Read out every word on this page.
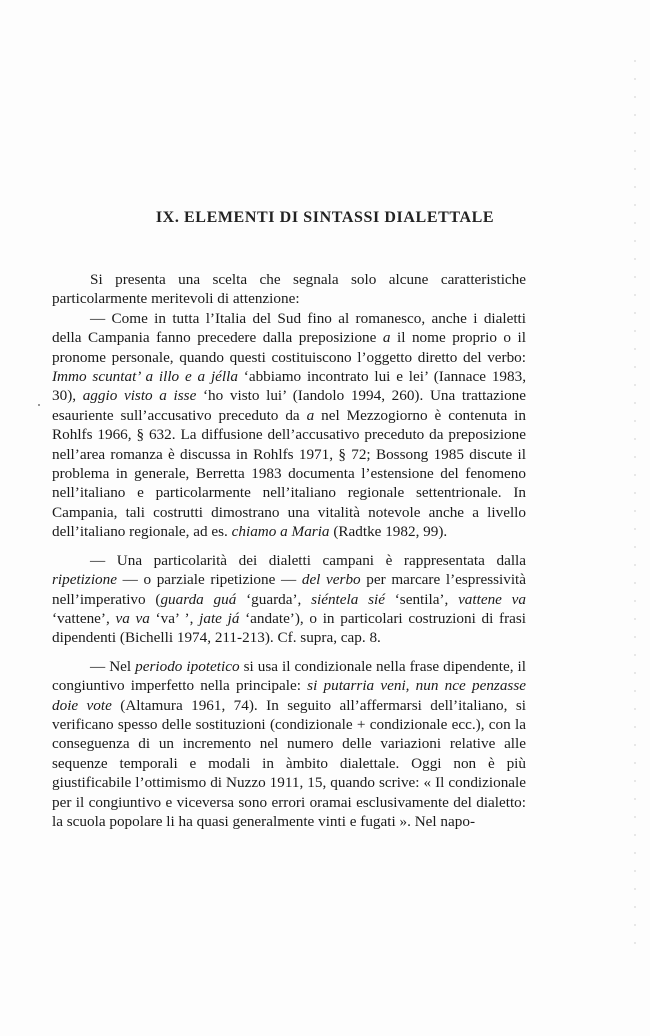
IX. ELEMENTI DI SINTASSI DIALETTALE

Si presenta una scelta che segnala solo alcune caratteristiche particolarmente meritevoli di attenzione:

— Come in tutta l’Italia del Sud fino al romanesco, anche i dialetti della Campania fanno precedere dalla preposizione a il nome proprio o il pronome personale, quando questi costituiscono l’oggetto diretto del verbo: Immo scuntat’ a illo e a jélla ‘abbiamo incontrato lui e lei’ (Iannace 1983, 30), aggio visto a isse ‘ho visto lui’ (Iandolo 1994, 260). Una trattazione esauriente sull’accusativo preceduto da a nel Mezzogiorno è contenuta in Rohlfs 1966, § 632. La diffusione dell’accusativo preceduto da preposizione nell’area romanza è discussa in Rohlfs 1971, § 72; Bossong 1985 discute il problema in generale, Berretta 1983 documenta l’estensione del fenomeno nell’italiano e particolarmente nell’italiano regionale settentrionale. In Campania, tali costrutti dimostrano una vitalità notevole anche a livello dell’italiano regionale, ad es. chiamo a Maria (Radtke 1982, 99).

— Una particolarità dei dialetti campani è rappresentata dalla ripetizione — o parziale ripetizione — del verbo per marcare l’espressività nell’imperativo (guarda guá ‘guarda’, siéntela sié ‘sentila’, vattene va ‘vattene’, va va ‘va’ ’, jate já ‘andate’), o in particolari costruzioni di frasi dipendenti (Bichelli 1974, 211-213). Cf. supra, cap. 8.

— Nel periodo ipotetico si usa il condizionale nella frase dipendente, il congiuntivo imperfetto nella principale: si putarria veni, nun nce penzasse doie vote (Altamura 1961, 74). In seguito all’affermarsi dell’italiano, si verificano spesso delle sostituzioni (condizionale + condizionale ecc.), con la conseguenza di un incremento nel numero delle variazioni relative alle sequenze temporali e modali in àmbito dialettale. Oggi non è più giustificabile l’ottimismo di Nuzzo 1911, 15, quando scrive: « Il condizionale per il congiuntivo e viceversa sono errori oramai esclusivamente del dialetto: la scuola popolare li ha quasi generalmente vinti e fugati ». Nel napo-
